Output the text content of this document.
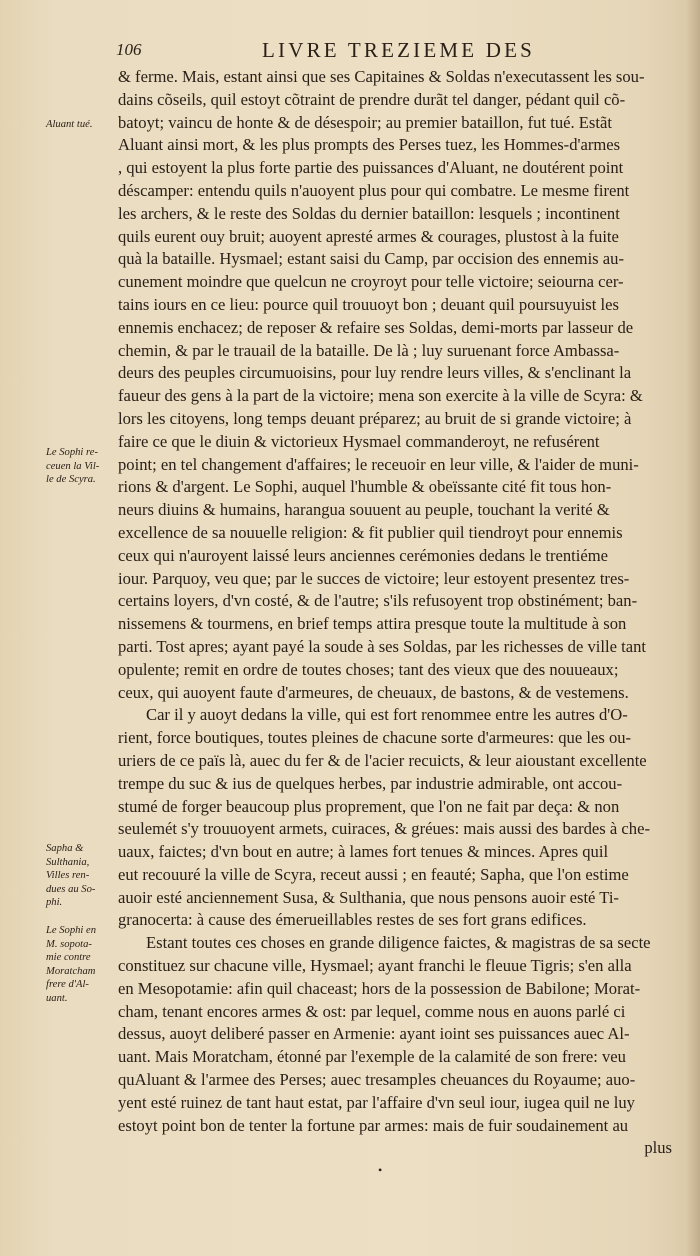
106	LIVRE TREZIEME DES
Aluant tué.
Le Sophi re-
ceuen la Vil-
le de Scyra.
Sapha &
Sulthania,
Villes ren-
dues au So-
phi.
Le Sophi en
M. sopota-
mie contre
Moratcham
frere d'Al-
uant.
& ferme. Mais, estant ainsi que ses Capitaines & Soldas n'executassent les sou-
dains cõseils, quil estoyt cõtraint de prendre durãt tel danger, pédant quil cõ-
batoyt; vaincu de honte & de désespoir; au premier bataillon, fut tué. Estãt
Aluant ainsi mort, & les plus prompts des Perses tuez, les Hommes-d'armes
, qui estoyent la plus forte partie des puissances d'Aluant, ne doutérent point
déscamper: entendu quils n'auoyent plus pour qui combatre. Le mesme firent
les archers, & le reste des Soldas du dernier bataillon: lesquels ; incontinent
quils eurent ouy bruit; auoyent apresté armes & courages, plustost à la fuite
quà la bataille. Hysmael; estant saisi du Camp, par occision des ennemis au-
cunement moindre que quelcun ne croyroyt pour telle victoire; seiourna cer-
tains iours en ce lieu: pource quil trouuoyt bon ; deuant quil poursuyuist les
ennemis enchacez; de reposer & refaire ses Soldas, demi-morts par lasseur de
chemin, & par le trauail de la bataille. De là ; luy suruenant force Ambassa-
deurs des peuples circumuoisins, pour luy rendre leurs villes, & s'enclinant la
faueur des gens à la part de la victoire; mena son exercite à la ville de Scyra: &
lors les citoyens, long temps deuant préparez; au bruit de si grande victoire; à
faire ce que le diuin & victorieux Hysmael commanderoyt, ne refusérent
point; en tel changement d'affaires; le receuoir en leur ville, & l'aider de muni-
rions & d'argent. Le Sophi, auquel l'humble & obeïssante cité fit tous hon-
neurs diuins & humains, harangua souuent au peuple, touchant la verité &
excellence de sa nouuelle religion: & fit publier quil tiendroyt pour ennemis
ceux qui n'auroyent laissé leurs anciennes cerémonies dedans le trentiéme
iour. Parquoy, veu que; par le succes de victoire; leur estoyent presentez tres-
certains loyers, d'vn costé, & de l'autre; s'ils refusoyent trop obstinément; ban-
nissemens & tourmens, en brief temps attira presque toute la multitude à son
parti. Tost apres; ayant payé la soude à ses Soldas, par les richesses de ville tant
opulente; remit en ordre de toutes choses; tant des vieux que des nouueaux;
ceux, qui auoyent faute d'armeures, de cheuaux, de bastons, & de vestemens.
Car il y auoyt dedans la ville, qui est fort renommee entre les autres d'O-
rient, force boutiques, toutes pleines de chacune sorte d'armeures: que les ou-
uriers de ce païs là, auec du fer & de l'acier recuicts, & leur aioustant excellente
trempe du suc & ius de quelques herbes, par industrie admirable, ont accou-
stumé de forger beaucoup plus proprement, que l'on ne fait par deça: & non
seulemét s'y trouuoyent armets, cuiraces, & gréues: mais aussi des bardes à che-
uaux, faictes; d'vn bout en autre; à lames fort tenues & minces. Apres quil
eut recouuré la ville de Scyra, receut aussi ; en feauté; Sapha, que l'on estime
auoir esté anciennement Susa, & Sulthania, que nous pensons auoir esté Ti-
granocerta: à cause des émerueillables restes de ses fort grans edifices.
Estant toutes ces choses en grande diligence faictes, & magistras de sa secte
constituez sur chacune ville, Hysmael; ayant franchi le fleuue Tigris; s'en alla
en Mesopotamie: afin quil chaceast; hors de la possession de Babilone; Morat-
cham, tenant encores armes & ost: par lequel, comme nous en auons parlé ci
dessus, auoyt deliberé passer en Armenie: ayant ioint ses puissances auec Al-
uant. Mais Moratcham, étonné par l'exemple de la calamité de son frere: veu
quAluant & l'armee des Perses; auec tresamples cheuances du Royaume; auo-
yent esté ruinez de tant haut estat, par l'affaire d'vn seul iour, iugea quil ne luy
estoyt point bon de tenter la fortune par armes: mais de fuir soudainement au
plus
•
